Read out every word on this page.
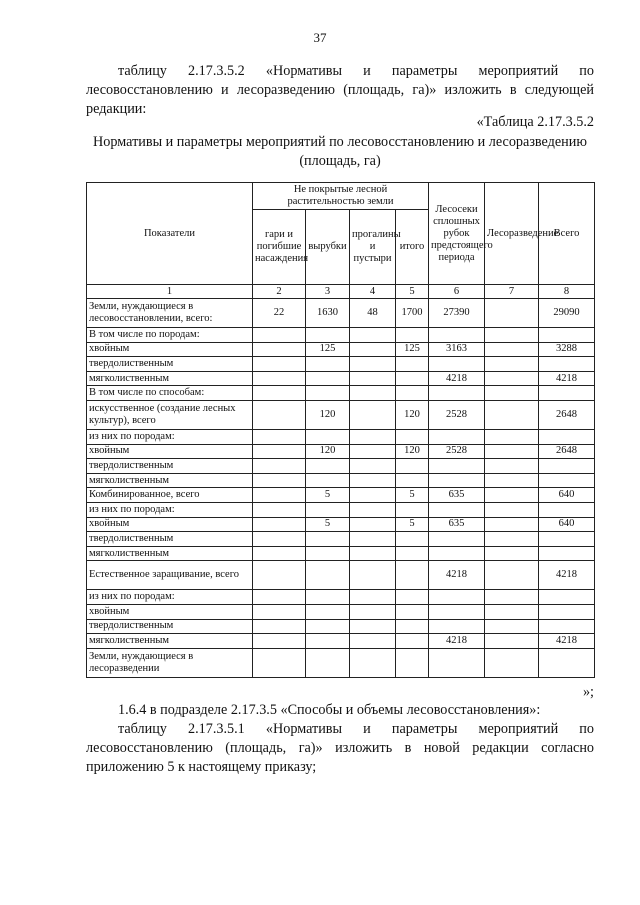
37
таблицу 2.17.3.5.2 «Нормативы и параметры мероприятий по лесовосстановлению и лесоразведению (площадь, га)» изложить в следующей редакции:
«Таблица 2.17.3.5.2
Нормативы и параметры мероприятий по лесовосстановлению и лесоразведению (площадь, га)
Показатели	Не покрытые лесной растительностью земли				Лесосеки сплошных рубок предстоящего периода	Лесоразведение	Всего
	гари и погибшие насаждения	вырубки	прогалины и пустыри	итого			
1	2	3	4	5	6	7	8
Земли, нуждающиеся в лесовосстановлении, всего:	22	1630	48	1700	27390		29090
В том числе по породам:							
хвойным		125		125	3163		3288
твердолиственным							
мягколиственным					4218		4218
В том числе по способам:							
искусственное (создание лесных культур), всего		120		120	2528		2648
из них по породам:							
хвойным		120		120	2528		2648
твердолиственным							
мягколиственным							
Комбинированное, всего		5		5	635		640
из них по породам:							
хвойным		5		5	635		640
твердолиственным							
мягколиственным							
Естественное заращивание, всего					4218		4218
из них по породам:							
хвойным							
твердолиственным							
мягколиственным					4218		4218
Земли, нуждающиеся в лесоразведении							
»;
1.6.4 в подразделе 2.17.3.5 «Способы и объемы лесовосстановления»:
таблицу 2.17.3.5.1 «Нормативы и параметры мероприятий по лесовосстановлению (площадь, га)» изложить в новой редакции согласно приложению 5 к настоящему приказу;
